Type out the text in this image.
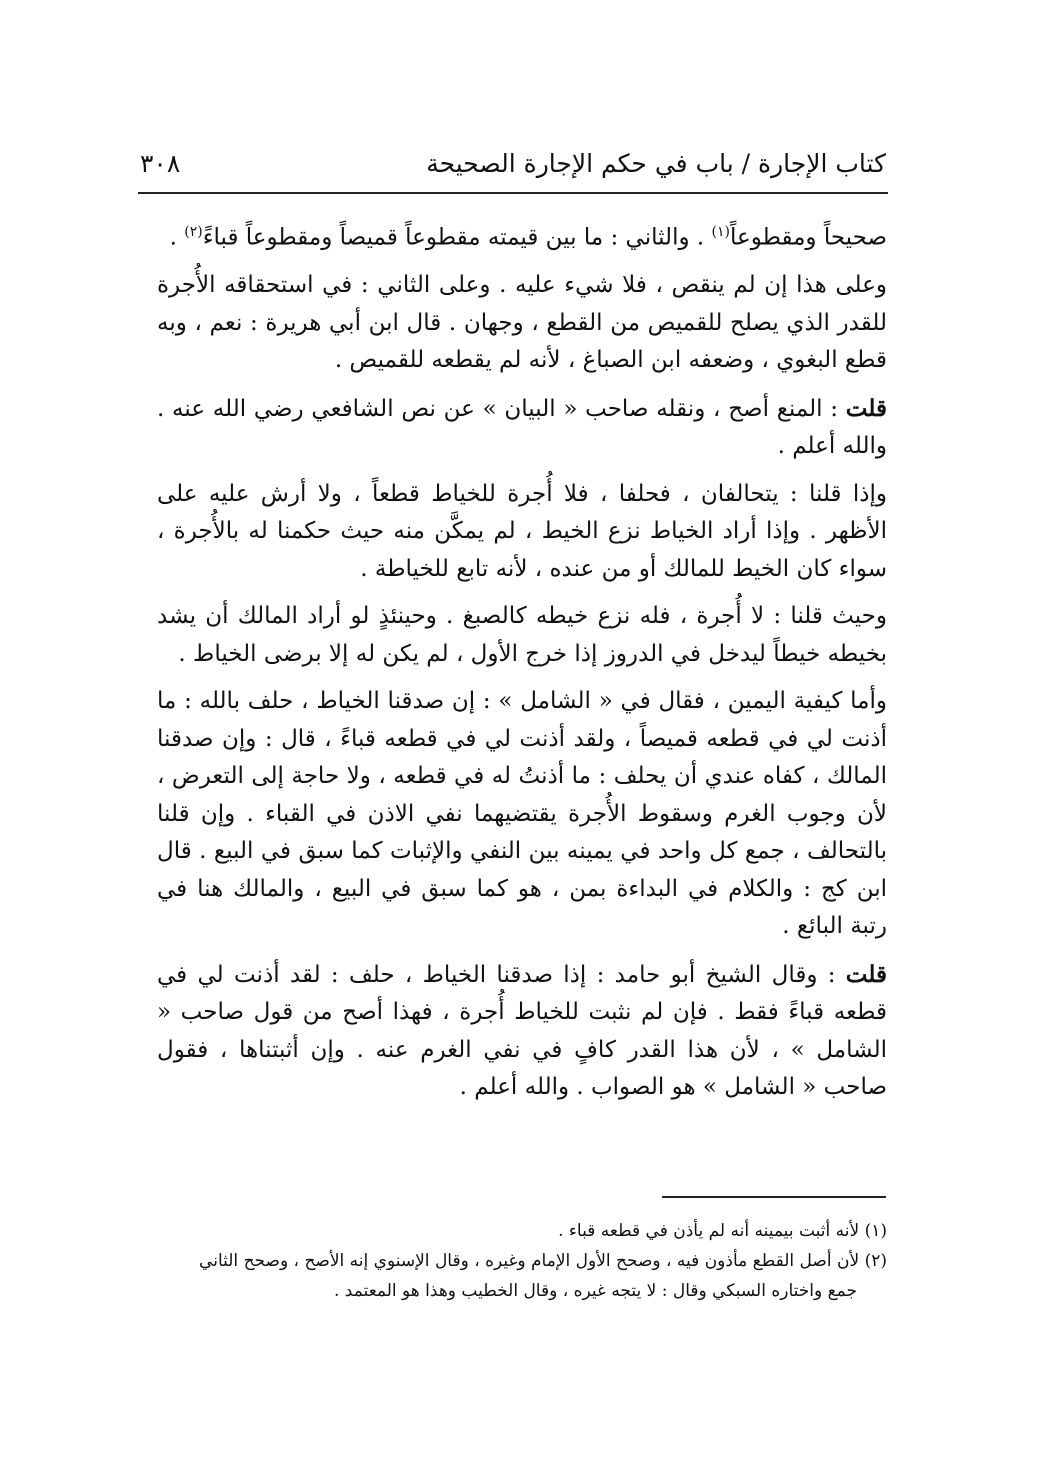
كتاب الإجارة / باب في حكم الإجارة الصحيحة
٣٠٨

صحيحاً ومقطوعاً$^{(١)}$ . والثاني : ما بين قيمته مقطوعاً قميصاً ومقطوعاً قباءً$^{(٢)}$ .

وعلى هذا إن لم ينقص ، فلا شيء عليه . وعلى الثاني : في استحقاقه الأُجرة للقدر الذي يصلح للقميص من القطع ، وجهان . قال ابن أبي هريرة : نعم ، وبه قطع البغوي ، وضعفه ابن الصباغ ، لأنه لم يقطعه للقميص .

قلت : المنع أصح ، ونقله صاحب « البيان » عن نص الشافعي رضي الله عنه . والله أعلم .

وإذا قلنا : يتحالفان ، فحلفا ، فلا أُجرة للخياط قطعاً ، ولا أرش عليه على الأظهر . وإذا أراد الخياط نزع الخيط ، لم يمكَّن منه حيث حكمنا له بالأُجرة ، سواء كان الخيط للمالك أو من عنده ، لأنه تابع للخياطة .

وحيث قلنا : لا أُجرة ، فله نزع خيطه كالصبغ . وحينئذٍ لو أراد المالك أن يشد بخيطه خيطاً ليدخل في الدروز إذا خرج الأول ، لم يكن له إلا برضى الخياط .

وأما كيفية اليمين ، فقال في « الشامل » : إن صدقنا الخياط ، حلف بالله : ما أذنت لي في قطعه قميصاً ، ولقد أذنت لي في قطعه قباءً ، قال : وإن صدقنا المالك ، كفاه عندي أن يحلف : ما أذنتُ له في قطعه ، ولا حاجة إلى التعرض ، لأن وجوب الغرم وسقوط الأُجرة يقتضيهما نفي الاذن في القباء . وإن قلنا بالتحالف ، جمع كل واحد في يمينه بين النفي والإثبات كما سبق في البيع . قال ابن كج : والكلام في البداءة بمن ، هو كما سبق في البيع ، والمالك هنا في رتبة البائع .

قلت : وقال الشيخ أبو حامد : إذا صدقنا الخياط ، حلف : لقد أذنت لي في قطعه قباءً فقط . فإن لم نثبت للخياط أُجرة ، فهذا أصح من قول صاحب « الشامل » ، لأن هذا القدر كافٍ في نفي الغرم عنه . وإن أثبتناها ، فقول صاحب « الشامل » هو الصواب . والله أعلم .

(١) لأنه أثبت بيمينه أنه لم يأذن في قطعه قباء .
(٢) لأن أصل القطع مأذون فيه ، وصحح الأول الإمام وغيره ، وقال الإسنوي إنه الأصح ، وصحح الثاني
جمع واختاره السبكي وقال : لا يتجه غيره ، وقال الخطيب وهذا هو المعتمد .
